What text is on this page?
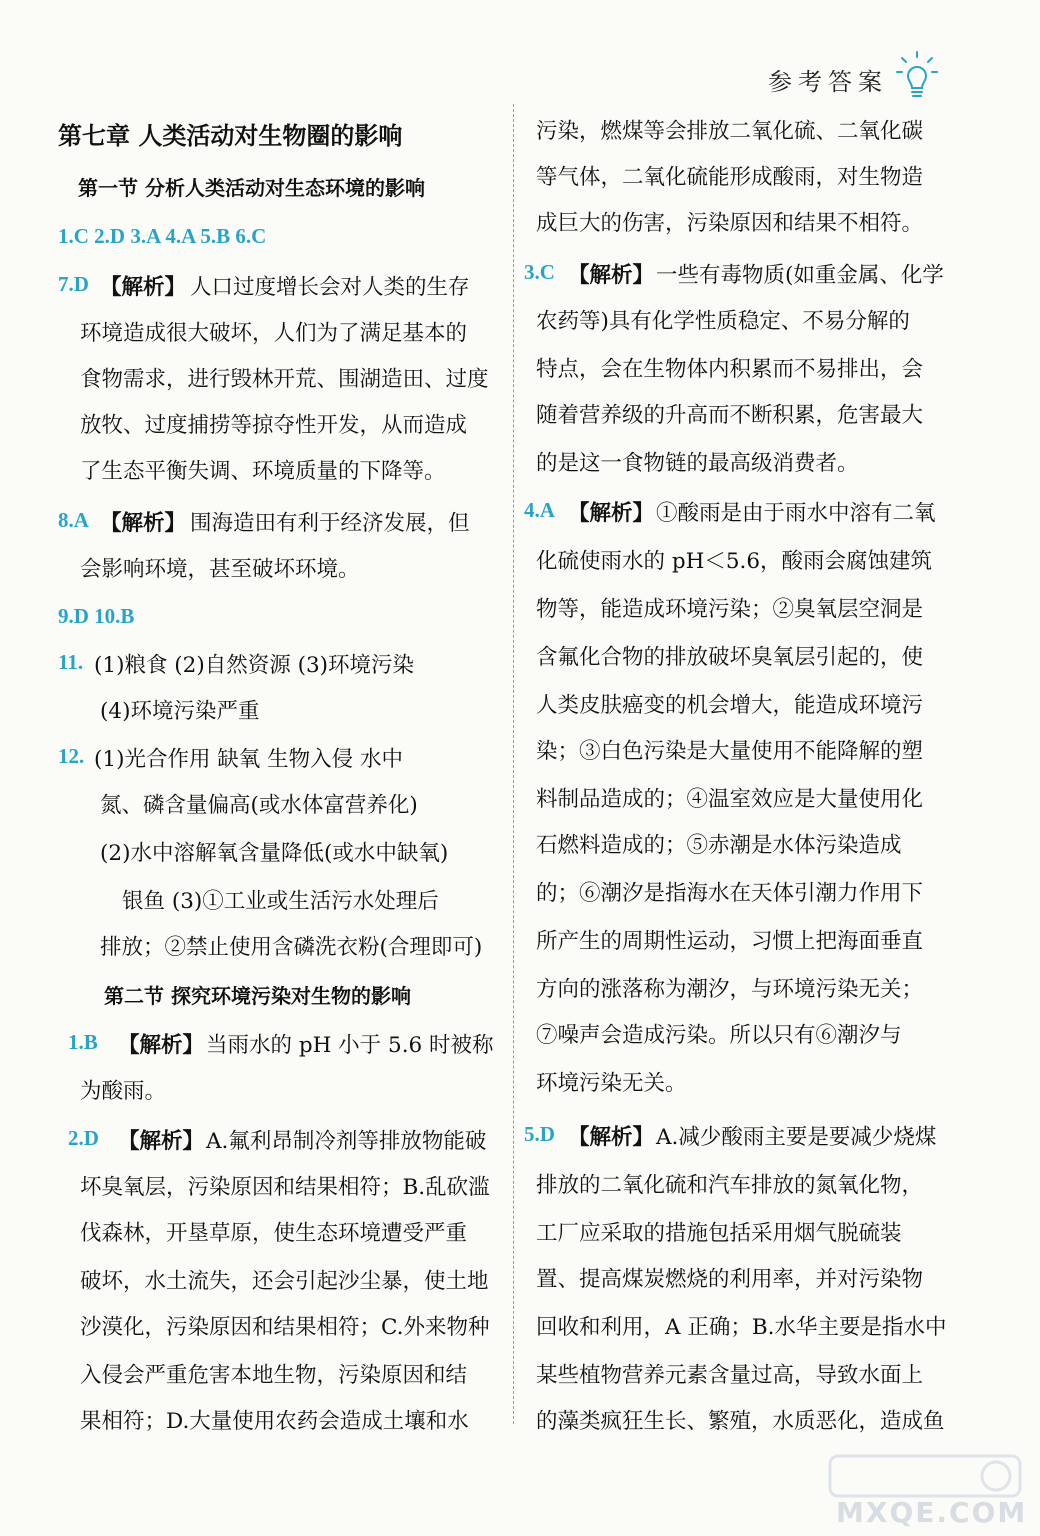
参考答案
第七章 人类活动对生物圈的影响
第一节 分析人类活动对生态环境的影响
1.C 2.D 3.A 4.A 5.B 6.C
7.D 【解析】 人口过度增长会对人类的生存
环境造成很大破坏，人们为了满足基本的
食物需求，进行毁林开荒、围湖造田、过度
放牧、过度捕捞等掠夺性开发，从而造成
了生态平衡失调、环境质量的下降等。
8.A 【解析】 围海造田有利于经济发展，但
会影响环境，甚至破坏环境。
9.D 10.B
11. (1)粮食 (2)自然资源 (3)环境污染
(4)环境污染严重
12. (1)光合作用 缺氧 生物入侵 水中
氮、磷含量偏高(或水体富营养化)
(2)水中溶解氧含量降低(或水中缺氧)
银鱼 (3)①工业或生活污水处理后
排放；②禁止使用含磷洗衣粉(合理即可)
第二节 探究环境污染对生物的影响
1.B 【解析】 当雨水的 pH 小于 5.6 时被称
为酸雨。
2.D 【解析】 A.氟利昂制冷剂等排放物能破
坏臭氧层，污染原因和结果相符；B.乱砍滥
伐森林，开垦草原，使生态环境遭受严重
破坏，水土流失，还会引起沙尘暴，使土地
沙漠化，污染原因和结果相符；C.外来物种
入侵会严重危害本地生物，污染原因和结
果相符；D.大量使用农药会造成土壤和水
污染，燃煤等会排放二氧化硫、二氧化碳
等气体，二氧化硫能形成酸雨，对生物造
成巨大的伤害，污染原因和结果不相符。
3.C 【解析】 一些有毒物质(如重金属、化学
农药等)具有化学性质稳定、不易分解的
特点，会在生物体内积累而不易排出，会
随着营养级的升高而不断积累，危害最大
的是这一食物链的最高级消费者。
4.A 【解析】 ①酸雨是由于雨水中溶有二氧
化硫使雨水的 pH＜5.6，酸雨会腐蚀建筑
物等，能造成环境污染；②臭氧层空洞是
含氟化合物的排放破坏臭氧层引起的，使
人类皮肤癌变的机会增大，能造成环境污
染；③白色污染是大量使用不能降解的塑
料制品造成的；④温室效应是大量使用化
石燃料造成的；⑤赤潮是水体污染造成
的；⑥潮汐是指海水在天体引潮力作用下
所产生的周期性运动，习惯上把海面垂直
方向的涨落称为潮汐，与环境污染无关；
⑦噪声会造成污染。所以只有⑥潮汐与
环境污染无关。
5.D 【解析】 A.减少酸雨主要是要减少烧煤
排放的二氧化硫和汽车排放的氮氧化物，
工厂应采取的措施包括采用烟气脱硫装
置、提高煤炭燃烧的利用率，并对污染物
回收和利用，A 正确；B.水华主要是指水中
某些植物营养元素含量过高，导致水面上
的藻类疯狂生长、繁殖，水质恶化，造成鱼
MXQE.COM
